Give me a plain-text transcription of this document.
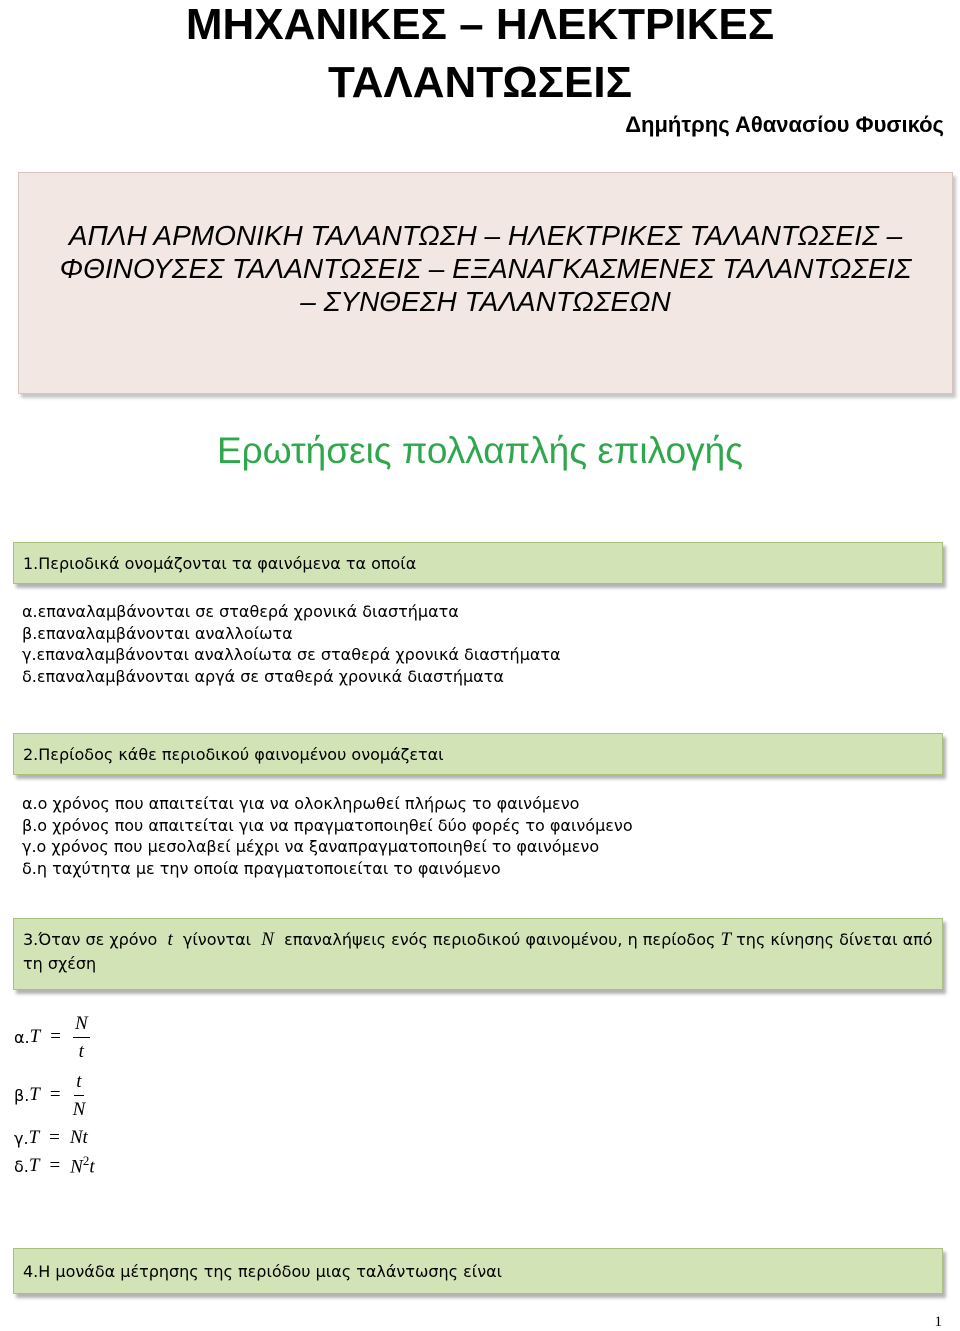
ΜΗΧΑΝΙΚΕΣ – ΗΛΕΚΤΡΙΚΕΣ
ΤΑΛΑΝΤΩΣΕΙΣ
Δημήτρης Αθανασίου Φυσικός

ΑΠΛΗ ΑΡΜΟΝΙΚΗ ΤΑΛΑΝΤΩΣΗ – ΗΛΕΚΤΡΙΚΕΣ ΤΑΛΑΝΤΩΣΕΙΣ –
ΦΘΙΝΟΥΣΕΣ ΤΑΛΑΝΤΩΣΕΙΣ – ΕΞΑΝΑΓΚΑΣΜΕΝΕΣ ΤΑΛΑΝΤΩΣΕΙΣ
– ΣΥΝΘΕΣΗ ΤΑΛΑΝΤΩΣΕΩΝ

Ερωτήσεις πολλαπλής επιλογής
1.Περιοδικά ονομάζονται τα φαινόμενα τα οποία
α.επαναλαμβάνονται σε σταθερά χρονικά διαστήματα
β.επαναλαμβάνονται αναλλοίωτα
γ.επαναλαμβάνονται αναλλοίωτα σε σταθερά χρονικά διαστήματα
δ.επαναλαμβάνονται αργά σε σταθερά χρονικά διαστήματα
2.Περίοδος κάθε περιοδικού φαινομένου ονομάζεται
α.ο χρόνος που απαιτείται για να ολοκληρωθεί πλήρως το φαινόμενο
β.ο χρόνος που απαιτείται για να πραγματοποιηθεί δύο φορές το φαινόμενο
γ.ο χρόνος που μεσολαβεί μέχρι να ξαναπραγματοποιηθεί το φαινόμενο
δ.η ταχύτητα με την οποία πραγματοποιείται το φαινόμενο
3.Όταν σε χρόνο t γίνονται N επαναλήψεις ενός περιοδικού φαινομένου, η περίοδος T της κίνησης δίνεται από τη σχέση
α. $T = \frac{N}{t}$
β. $T = \frac{t}{N}$
γ. T = Nt
δ. $T = N^2t$
4.Η μονάδα μέτρησης της περιόδου μιας ταλάντωσης είναι
1
